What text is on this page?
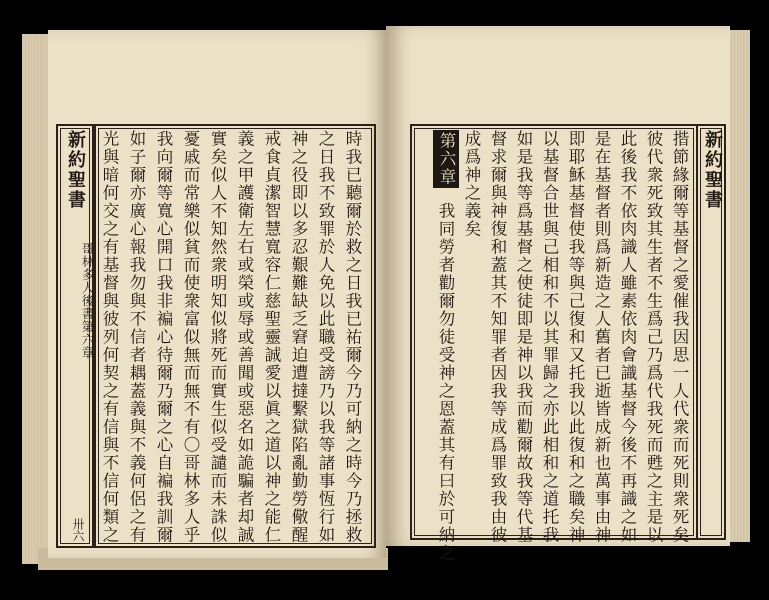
新約聖書
哥林多人後書第六章
卅六	時我已聽爾於救之日我已祐爾今乃可納之時今乃拯救
之日我不致罪於人免以此職受謗乃以我等諸事恆行如
神之役即以多忍艱難缺乏窘迫遭撻繫獄陷亂勤勞儆醒
戒食貞潔智慧寬容仁慈聖靈誠愛以眞之道以神之能仁
義之甲護衛左右或榮或辱或善聞或惡名如詭騙者却誠
實矣似人不知然衆明知似將死而實生似受譴而未誅似
憂戚而常樂似貧而使衆富似無而無不有〇哥林多人乎
我向爾等寬心開口我非褊心待爾乃爾之心自褊我訓爾
如子爾亦廣心報我勿與不信者耦蓋義與不義何侶之有
光與暗何交之有基督與彼列何契之有信與不信何類之	新約聖書
揩節緣爾等基督之愛催我因思一人代衆而死則衆死矣
彼代衆死致其生者不生爲己乃爲代我死而甦之主是以
此後我不依肉識人雖素依肉會識基督今後不再識之如
是在基督者則爲新造之人舊者已逝皆成新也萬事由神
即耶穌基督使我等與己復和又托我以此復和之職矣神
以基督合世與己相和不以其罪歸之亦此相和之道托我
如是我等爲基督之使徒即是神以我而勸爾故我等代基
督求爾與神復和蓋其不知罪者因我等成爲罪致我由彼
成爲神之義矣
第六章
我同勞者勸爾勿徒受神之恩蓋其有曰於可納之
